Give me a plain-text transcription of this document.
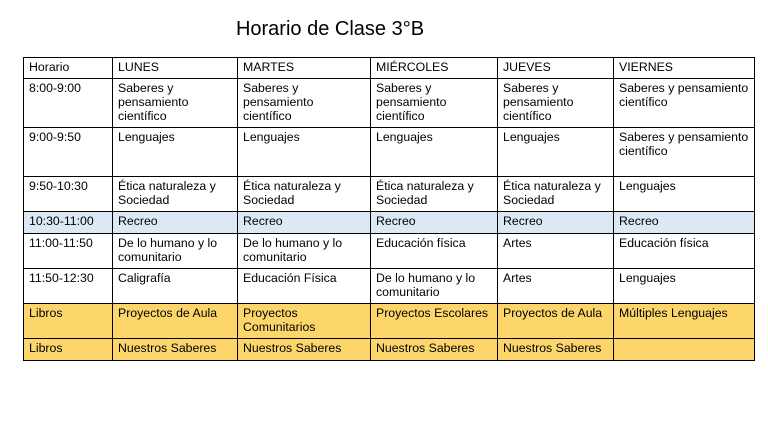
Horario de Clase 3°B
Horario	LUNES	MARTES	MIÉRCOLES	JUEVES	VIERNES
8:00-9:00	Saberes y pensamiento científico	Saberes y pensamiento científico	Saberes y pensamiento científico	Saberes y pensamiento científico	Saberes y pensamiento científico
9:00-9:50	Lenguajes	Lenguajes	Lenguajes	Lenguajes	Saberes y pensamiento científico
9:50-10:30	Ética naturaleza y Sociedad	Ética naturaleza y Sociedad	Ética naturaleza y Sociedad	Ética naturaleza y Sociedad	Lenguajes
10:30-11:00	Recreo	Recreo	Recreo	Recreo	Recreo
11:00-11:50	De lo humano y lo comunitario	De lo humano y lo comunitario	Educación física	Artes	Educación física
11:50-12:30	Caligrafía	Educación Física	De lo humano y lo comunitario	Artes	Lenguajes
Libros	Proyectos de Aula	Proyectos Comunitarios	Proyectos Escolares	Proyectos de Aula	Múltiples Lenguajes
Libros	Nuestros Saberes	Nuestros Saberes	Nuestros Saberes	Nuestros Saberes	
